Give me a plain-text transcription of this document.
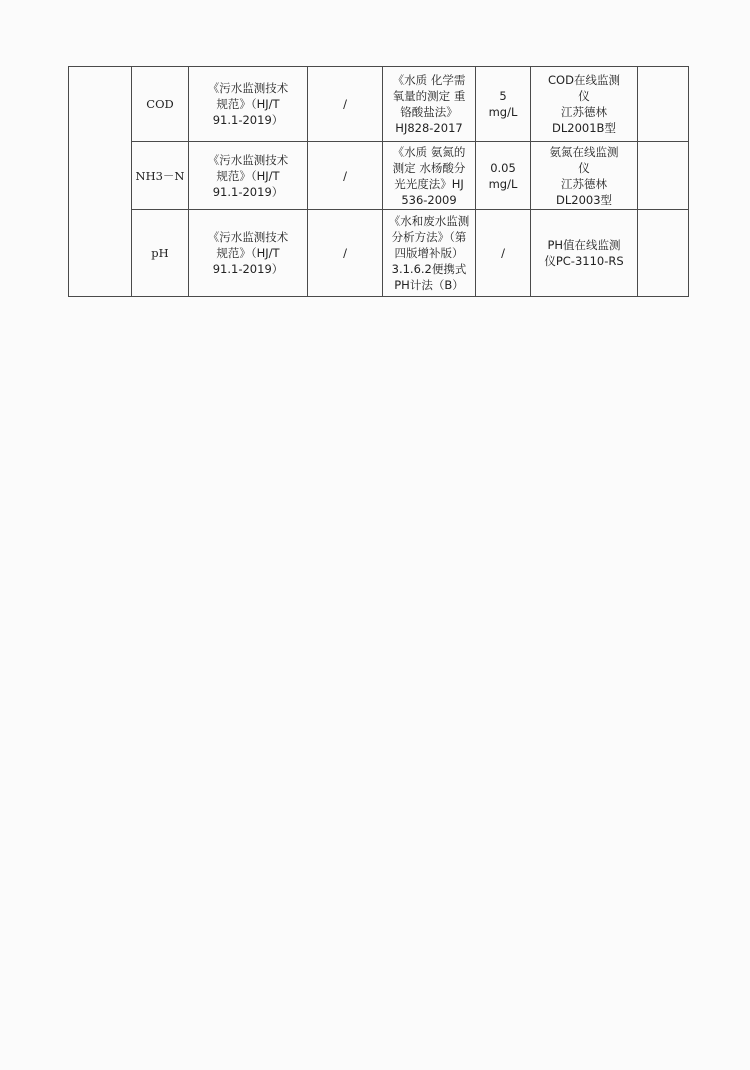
	COD	《污水监测技术
规范》（HJ/T
91.1-2019）	/	《水质 化学需
氧量的测定 重
铬酸盐法》
HJ828-2017	5
mg/L	COD在线监测
仪
江苏德林
DL2001B型	

	NH3－N	《污水监测技术
规范》（HJ/T
91.1-2019）	/	《水质 氨氮的
测定 水杨酸分
光光度法》HJ
536-2009	0.05
mg/L	氨氮在线监测
仪
江苏德林
DL2003型	

	pH	《污水监测技术
规范》（HJ/T
91.1-2019）	/	《水和废水监测
分析方法》（第
四版增补版）
3.1.6.2便携式
PH计法（B）	/	PH值在线监测
仪PC-3110-RS	
